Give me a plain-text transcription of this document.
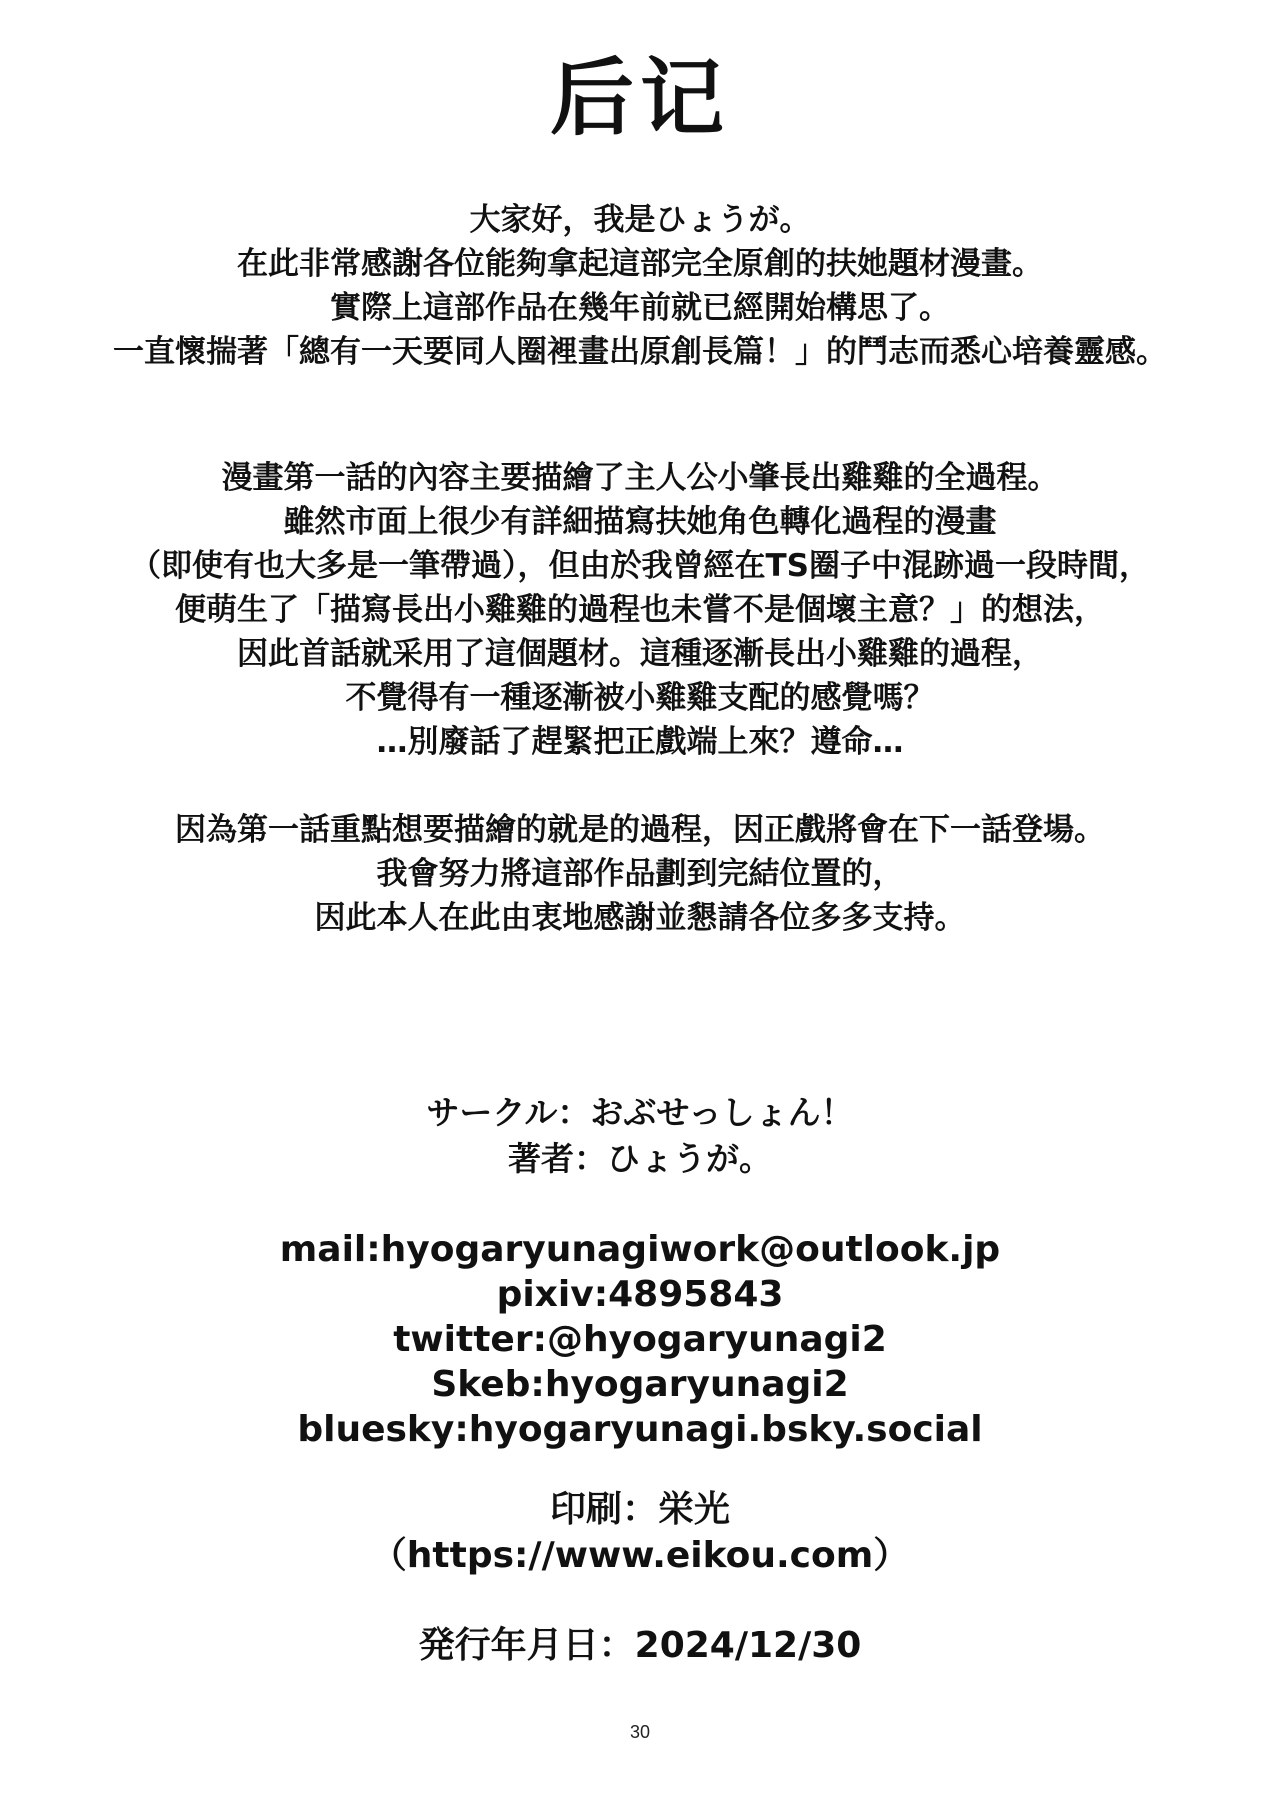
后记
大家好，我是ひょうが。
在此非常感謝各位能夠拿起這部完全原創的扶她題材漫畫。
實際上這部作品在幾年前就已經開始構思了。
一直懷揣著「總有一天要同人圈裡畫出原創長篇！」的鬥志而悉心培養靈感。
漫畫第一話的內容主要描繪了主人公小肇長出雞雞的全過程。
雖然市面上很少有詳細描寫扶她角色轉化過程的漫畫
（即使有也大多是一筆帶過），但由於我曾經在TS圈子中混跡過一段時間，
便萌生了「描寫長出小雞雞的過程也未嘗不是個壞主意？」的想法，
因此首話就采用了這個題材。這種逐漸長出小雞雞的過程，
不覺得有一種逐漸被小雞雞支配的感覺嗎？
…別廢話了趕緊把正戲端上來？遵命…
因為第一話重點想要描繪的就是的過程，因正戲將會在下一話登場。
我會努力將這部作品劃到完結位置的，
因此本人在此由衷地感謝並懇請各位多多支持。
サークル：おぶせっしょん！
著者：ひょうが。
mail:hyogaryunagiwork@outlook.jp
pixiv:4895843
twitter:@hyogaryunagi2
Skeb:hyogaryunagi2
bluesky:hyogaryunagi.bsky.social
印刷：栄光
（https://www.eikou.com）
発行年月日：2024/12/30
30
